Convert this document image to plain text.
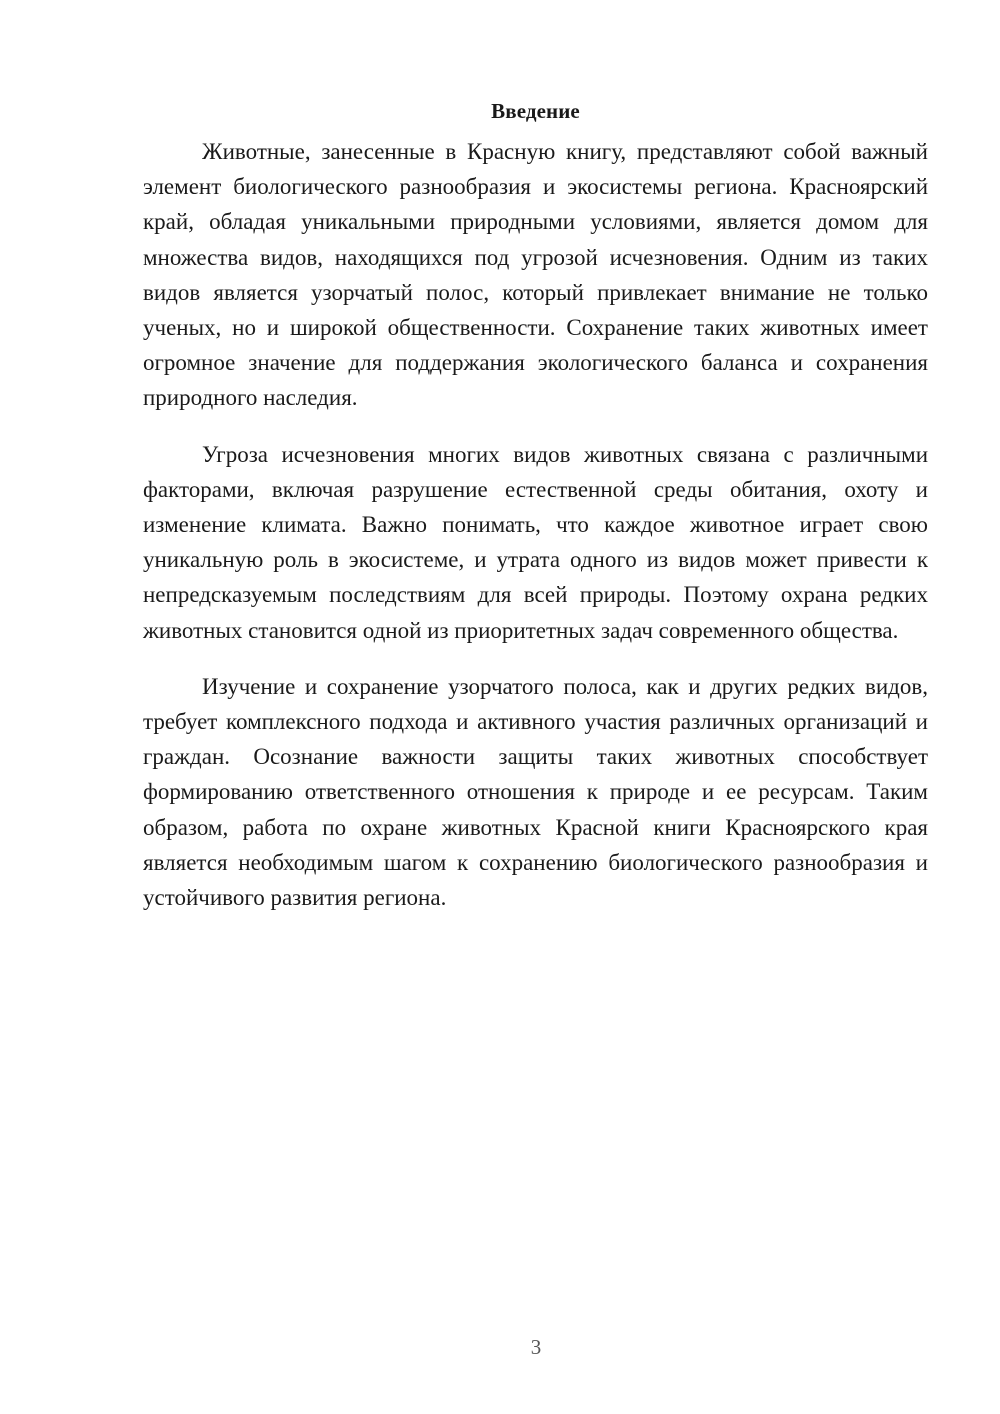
Введение

Животные, занесенные в Красную книгу, представляют собой важный элемент биологического разнообразия и экосистемы региона. Красноярский край, обладая уникальными природными условиями, является домом для множества видов, находящихся под угрозой исчезновения. Одним из таких видов является узорчатый полос, который привлекает внимание не только ученых, но и широкой общественности. Сохранение таких животных имеет огромное значение для поддержания экологического баланса и сохранения природного наследия.

Угроза исчезновения многих видов животных связана с различными факторами, включая разрушение естественной среды обитания, охоту и изменение климата. Важно понимать, что каждое животное играет свою уникальную роль в экосистеме, и утрата одного из видов может привести к непредсказуемым последствиям для всей природы. Поэтому охрана редких животных становится одной из приоритетных задач современного общества.

Изучение и сохранение узорчатого полоса, как и других редких видов, требует комплексного подхода и активного участия различных организаций и граждан. Осознание важности защиты таких животных способствует формированию ответственного отношения к природе и ее ресурсам. Таким образом, работа по охране животных Красной книги Красноярского края является необходимым шагом к сохранению биологического разнообразия и устойчивого развития региона.

3
